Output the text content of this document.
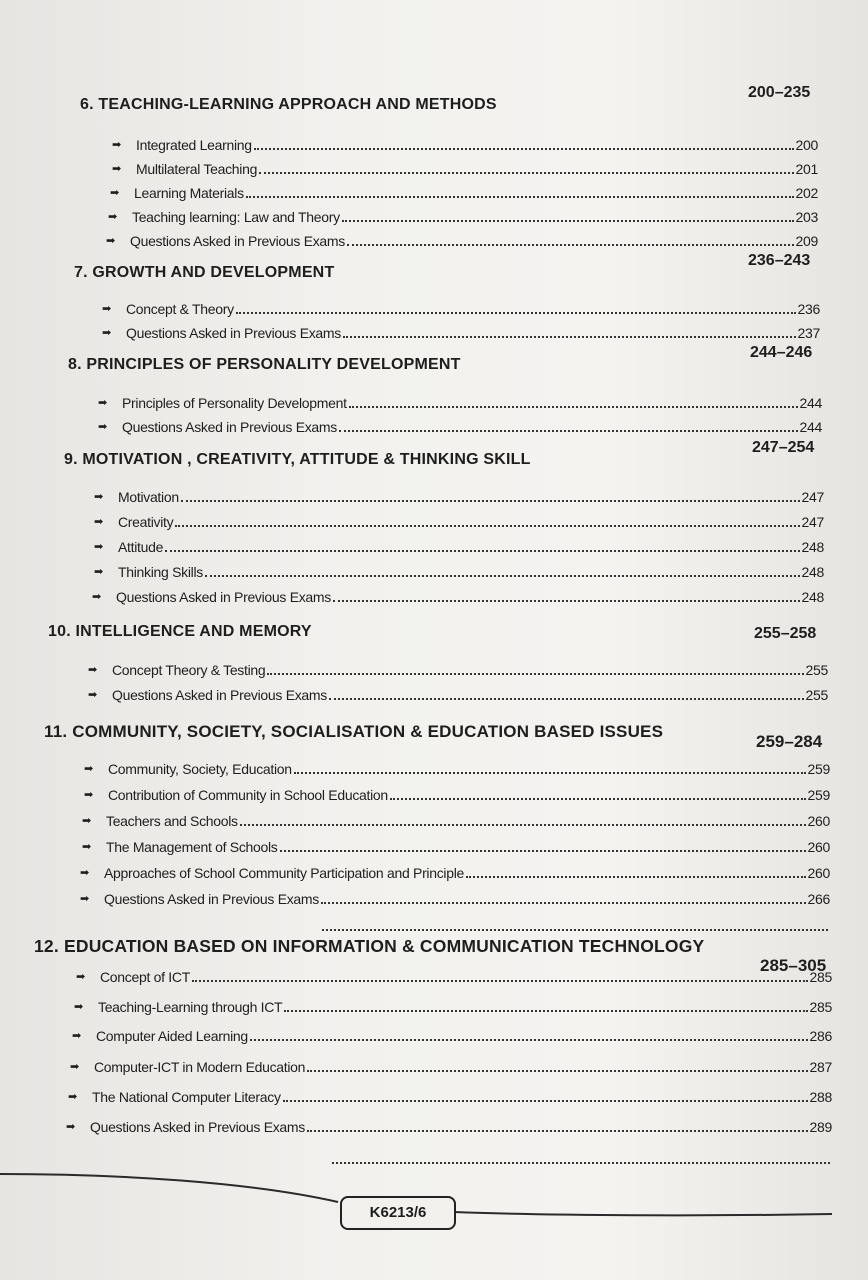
6. TEACHING-LEARNING APPROACH AND METHODS
200–235
➡	Integrated Learning	200
➡	Multilateral Teaching	201
➡	Learning Materials	202
➡	Teaching learning: Law and Theory	203
➡	Questions Asked in Previous Exams	209
7. GROWTH AND DEVELOPMENT
236–243
➡	Concept & Theory	236
➡	Questions Asked in Previous Exams	237
8. PRINCIPLES OF PERSONALITY DEVELOPMENT
244–246
➡	Principles of Personality Development	244
➡	Questions Asked in Previous Exams	244
9. MOTIVATION , CREATIVITY, ATTITUDE & THINKING SKILL
247–254
➡	Motivation	247
➡	Creativity	247
➡	Attitude	248
➡	Thinking Skills	248
➡	Questions Asked in Previous Exams	248
10. INTELLIGENCE AND MEMORY	255–258
➡	Concept Theory & Testing	255
➡	Questions Asked in Previous Exams	255
11. COMMUNITY, SOCIETY, SOCIALISATION & EDUCATION BASED ISSUES
259–284
➡	Community, Society, Education	259
➡	Contribution of Community in School Education	259
➡	Teachers and Schools	260
➡	The Management of Schools	260
➡	Approaches of School Community Participation and Principle	260
➡	Questions Asked in Previous Exams	266
12. EDUCATION BASED ON INFORMATION & COMMUNICATION TECHNOLOGY
285–305
➡	Concept of ICT	285
➡	Teaching-Learning through ICT	285
➡	Computer Aided Learning	286
➡	Computer-ICT in Modern Education	287
➡	The National Computer Literacy	288
➡	Questions Asked in Previous Exams	289
K6213/6
